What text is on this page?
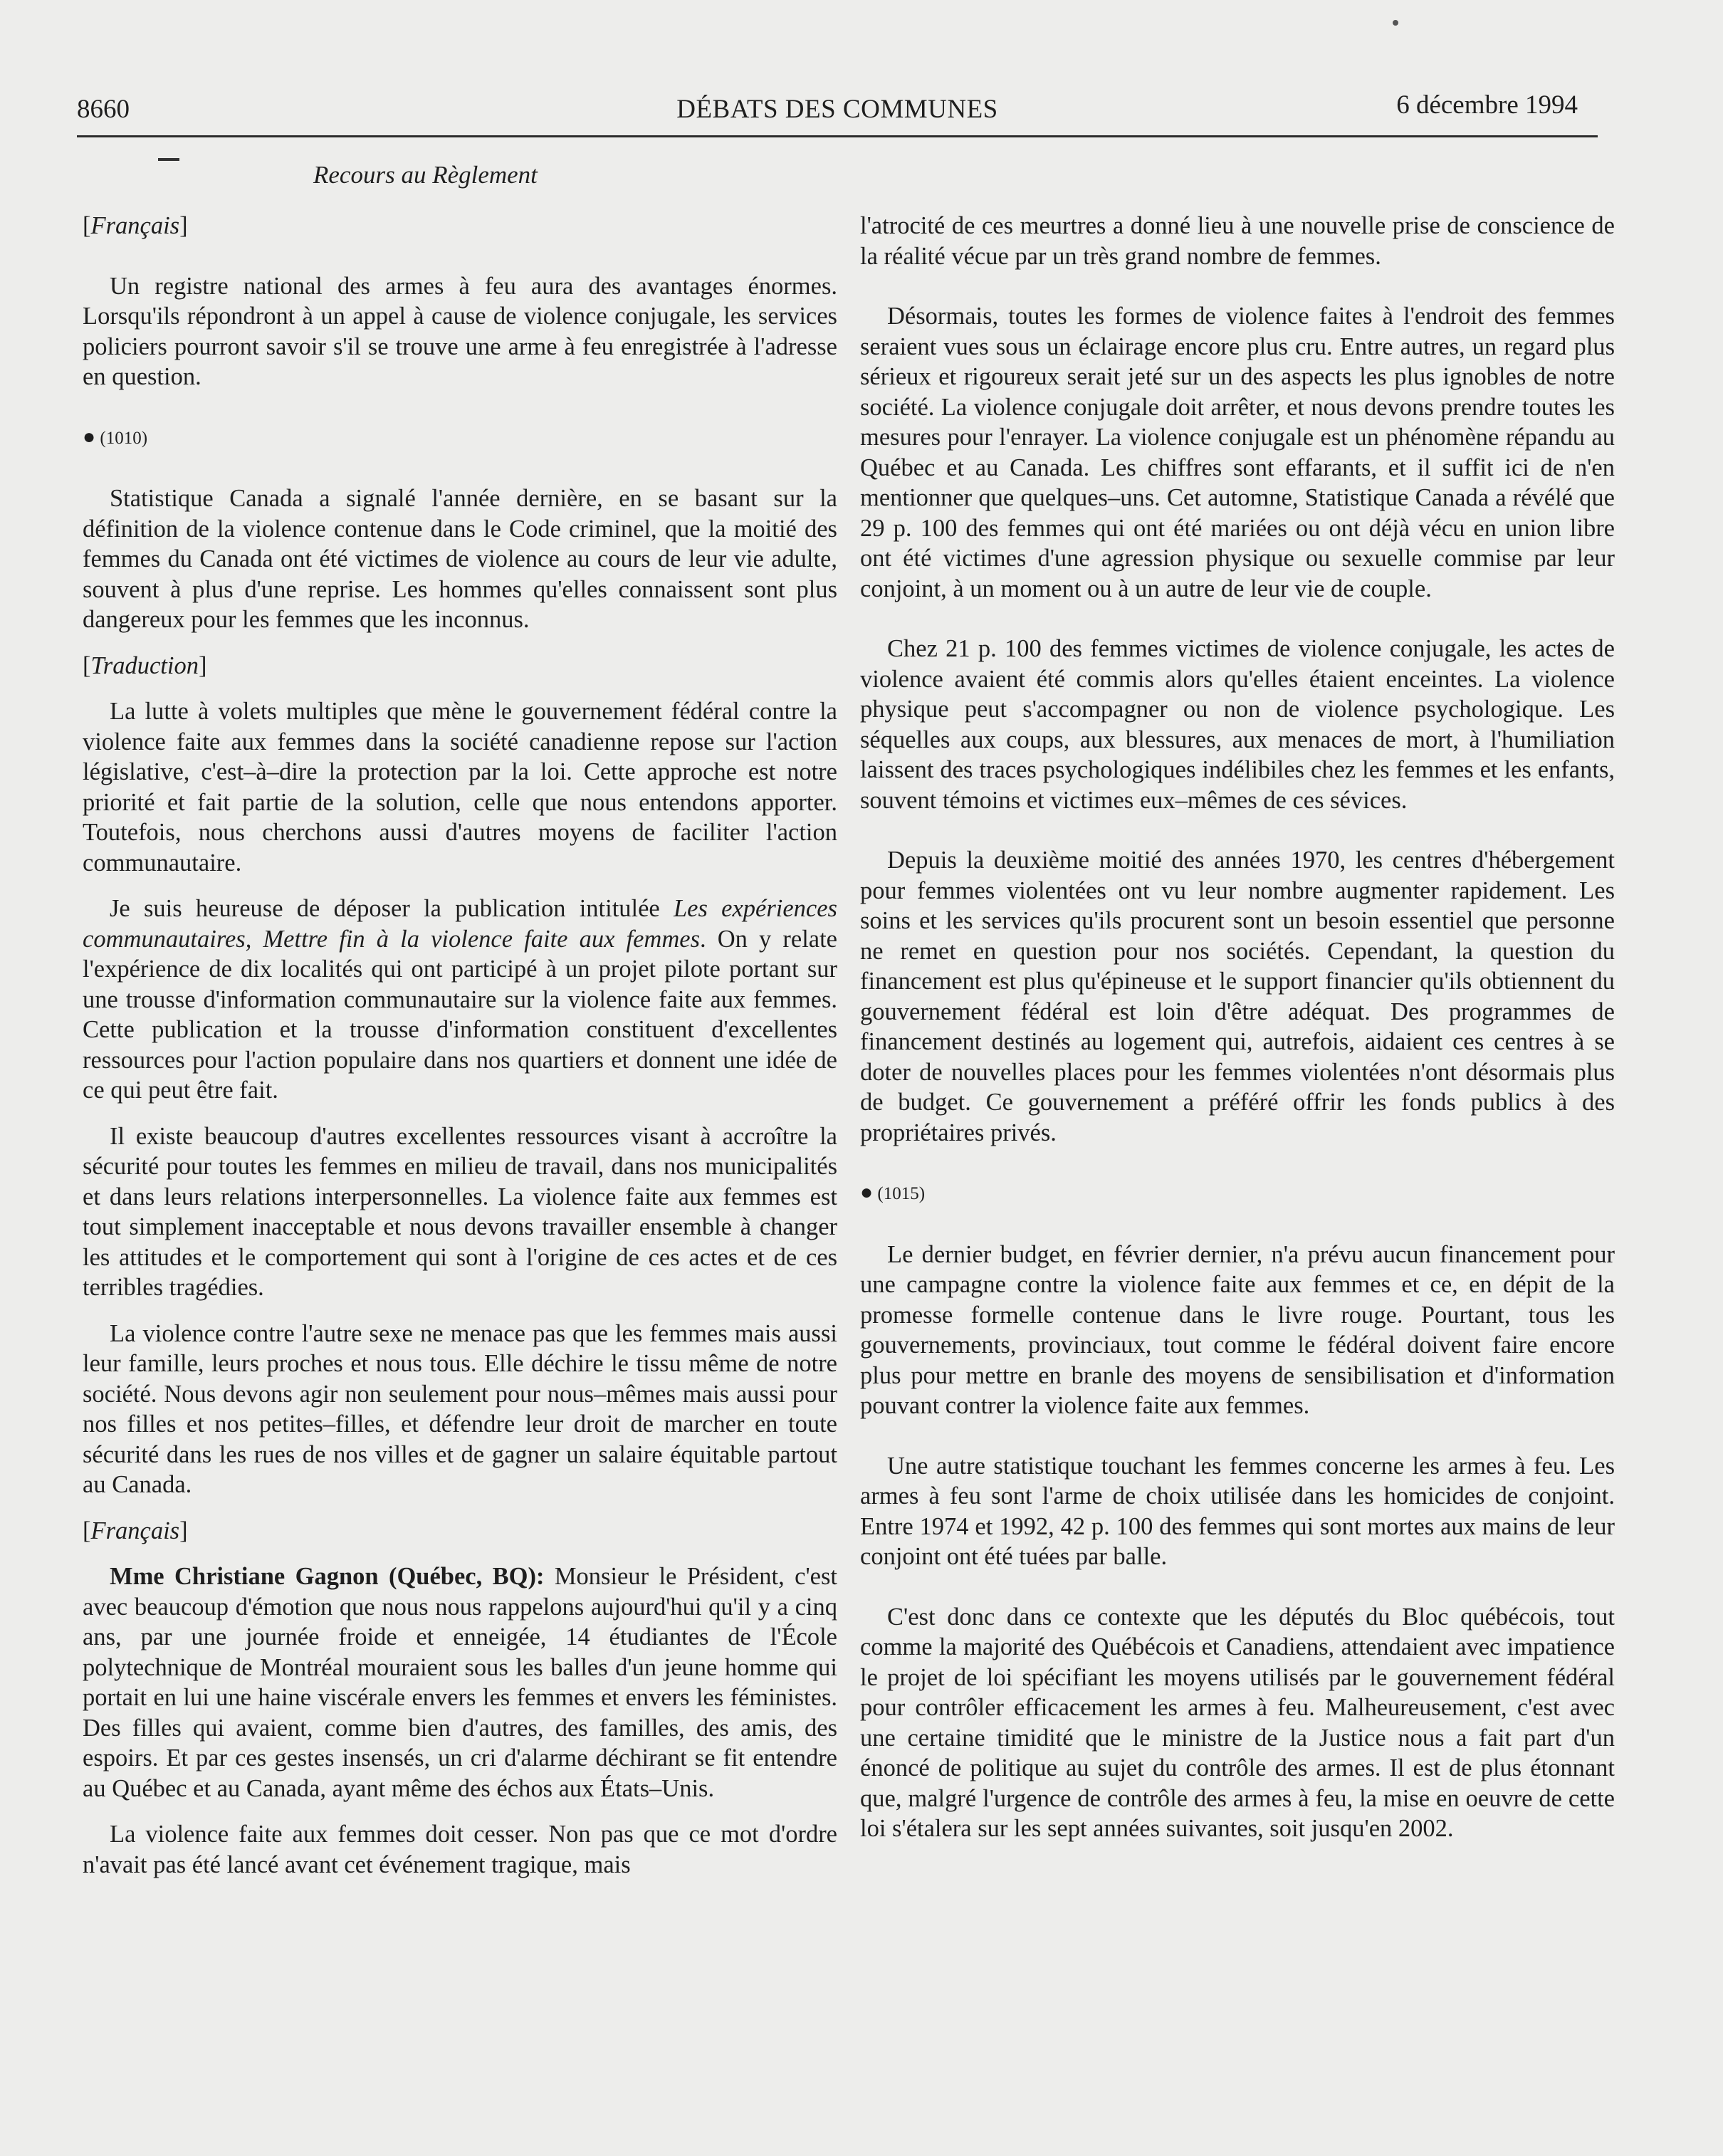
8660	DÉBATS DES COMMUNES	6 décembre 1994
Recours au Règlement

[Français]

Un registre national des armes à feu aura des avantages énormes. Lorsqu'ils répondront à un appel à cause de violence conjugale, les services policiers pourront savoir s'il se trouve une arme à feu enregistrée à l'adresse en question.

● (1010)

Statistique Canada a signalé l'année dernière, en se basant sur la définition de la violence contenue dans le Code criminel, que la moitié des femmes du Canada ont été victimes de violence au cours de leur vie adulte, souvent à plus d'une reprise. Les hommes qu'elles connaissent sont plus dangereux pour les femmes que les inconnus.

[Traduction]

La lutte à volets multiples que mène le gouvernement fédéral contre la violence faite aux femmes dans la société canadienne repose sur l'action législative, c'est–à–dire la protection par la loi. Cette approche est notre priorité et fait partie de la solution, celle que nous entendons apporter. Toutefois, nous cherchons aussi d'autres moyens de faciliter l'action communautaire.

Je suis heureuse de déposer la publication intitulée Les expériences communautaires, Mettre fin à la violence faite aux femmes. On y relate l'expérience de dix localités qui ont participé à un projet pilote portant sur une trousse d'information communautaire sur la violence faite aux femmes. Cette publication et la trousse d'information constituent d'excellentes ressources pour l'action populaire dans nos quartiers et donnent une idée de ce qui peut être fait.

Il existe beaucoup d'autres excellentes ressources visant à accroître la sécurité pour toutes les femmes en milieu de travail, dans nos municipalités et dans leurs relations interpersonnelles. La violence faite aux femmes est tout simplement inacceptable et nous devons travailler ensemble à changer les attitudes et le comportement qui sont à l'origine de ces actes et de ces terribles tragédies.

La violence contre l'autre sexe ne menace pas que les femmes mais aussi leur famille, leurs proches et nous tous. Elle déchire le tissu même de notre société. Nous devons agir non seulement pour nous–mêmes mais aussi pour nos filles et nos petites–filles, et défendre leur droit de marcher en toute sécurité dans les rues de nos villes et de gagner un salaire équitable partout au Canada.

[Français]

Mme Christiane Gagnon (Québec, BQ): Monsieur le Président, c'est avec beaucoup d'émotion que nous nous rappelons aujourd'hui qu'il y a cinq ans, par une journée froide et enneigée, 14 étudiantes de l'École polytechnique de Montréal mouraient sous les balles d'un jeune homme qui portait en lui une haine viscérale envers les femmes et envers les féministes. Des filles qui avaient, comme bien d'autres, des familles, des amis, des espoirs. Et par ces gestes insensés, un cri d'alarme déchirant se fit entendre au Québec et au Canada, ayant même des échos aux États–Unis.

La violence faite aux femmes doit cesser. Non pas que ce mot d'ordre n'avait pas été lancé avant cet événement tragique, mais

l'atrocité de ces meurtres a donné lieu à une nouvelle prise de conscience de la réalité vécue par un très grand nombre de femmes.

Désormais, toutes les formes de violence faites à l'endroit des femmes seraient vues sous un éclairage encore plus cru. Entre autres, un regard plus sérieux et rigoureux serait jeté sur un des aspects les plus ignobles de notre société. La violence conjugale doit arrêter, et nous devons prendre toutes les mesures pour l'enrayer. La violence conjugale est un phénomène répandu au Québec et au Canada. Les chiffres sont effarants, et il suffit ici de n'en mentionner que quelques–uns. Cet automne, Statistique Canada a révélé que 29 p. 100 des femmes qui ont été mariées ou ont déjà vécu en union libre ont été victimes d'une agression physique ou sexuelle commise par leur conjoint, à un moment ou à un autre de leur vie de couple.

Chez 21 p. 100 des femmes victimes de violence conjugale, les actes de violence avaient été commis alors qu'elles étaient enceintes. La violence physique peut s'accompagner ou non de violence psychologique. Les séquelles aux coups, aux blessures, aux menaces de mort, à l'humiliation laissent des traces psychologiques indélibiles chez les femmes et les enfants, souvent témoins et victimes eux–mêmes de ces sévices.

Depuis la deuxième moitié des années 1970, les centres d'hébergement pour femmes violentées ont vu leur nombre augmenter rapidement. Les soins et les services qu'ils procurent sont un besoin essentiel que personne ne remet en question pour nos sociétés. Cependant, la question du financement est plus qu'épineuse et le support financier qu'ils obtiennent du gouvernement fédéral est loin d'être adéquat. Des programmes de financement destinés au logement qui, autrefois, aidaient ces centres à se doter de nouvelles places pour les femmes violentées n'ont désormais plus de budget. Ce gouvernement a préféré offrir les fonds publics à des propriétaires privés.

● (1015)

Le dernier budget, en février dernier, n'a prévu aucun financement pour une campagne contre la violence faite aux femmes et ce, en dépit de la promesse formelle contenue dans le livre rouge. Pourtant, tous les gouvernements, provinciaux, tout comme le fédéral doivent faire encore plus pour mettre en branle des moyens de sensibilisation et d'information pouvant contrer la violence faite aux femmes.

Une autre statistique touchant les femmes concerne les armes à feu. Les armes à feu sont l'arme de choix utilisée dans les homicides de conjoint. Entre 1974 et 1992, 42 p. 100 des femmes qui sont mortes aux mains de leur conjoint ont été tuées par balle.

C'est donc dans ce contexte que les députés du Bloc québécois, tout comme la majorité des Québécois et Canadiens, attendaient avec impatience le projet de loi spécifiant les moyens utilisés par le gouvernement fédéral pour contrôler efficacement les armes à feu. Malheureusement, c'est avec une certaine timidité que le ministre de la Justice nous a fait part d'un énoncé de politique au sujet du contrôle des armes. Il est de plus étonnant que, malgré l'urgence de contrôle des armes à feu, la mise en oeuvre de cette loi s'étalera sur les sept années suivantes, soit jusqu'en 2002.
